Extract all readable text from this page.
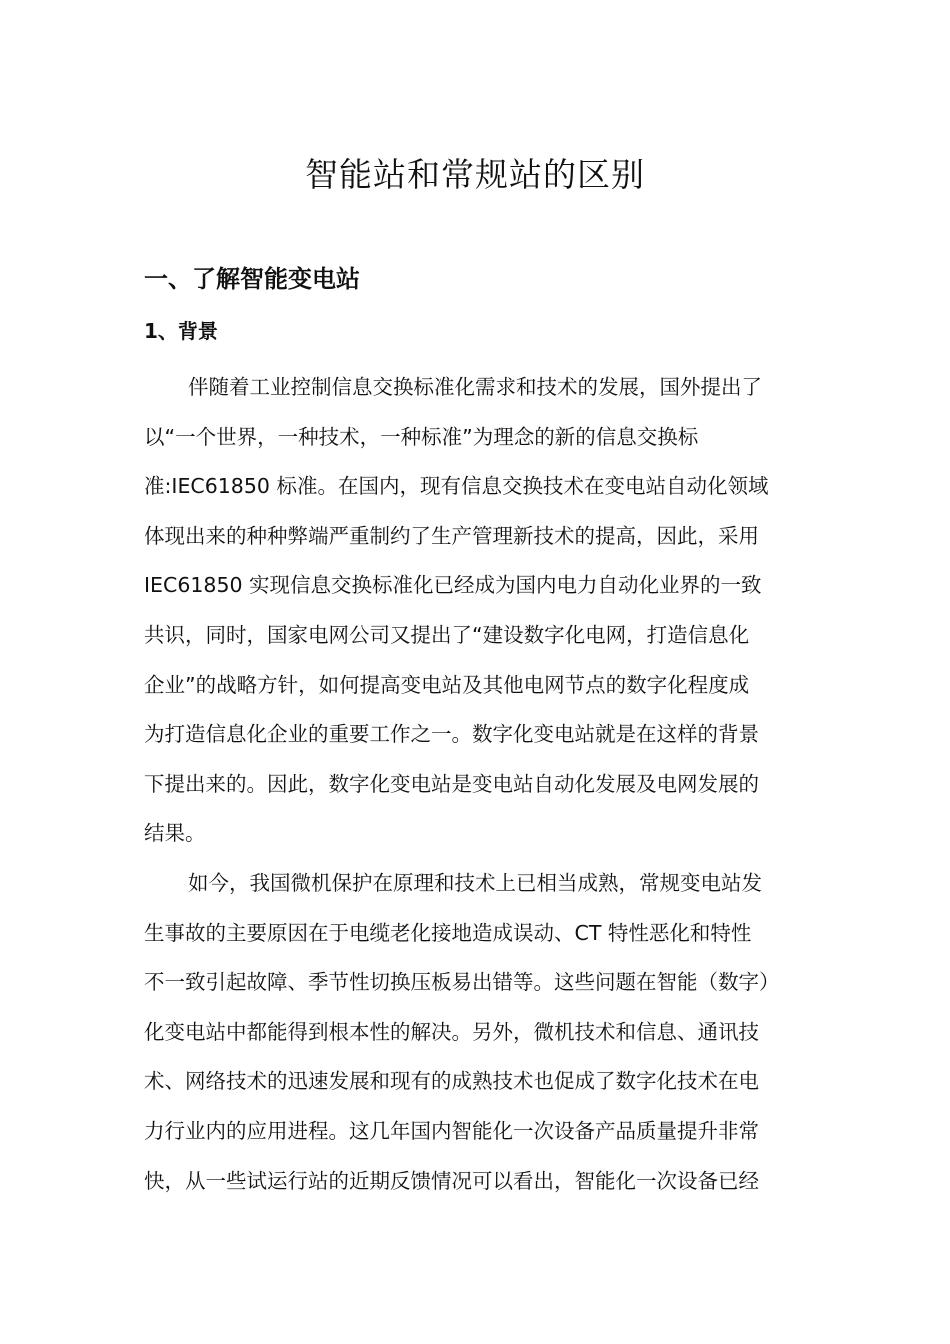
智能站和常规站的区别
一、了解智能变电站
1、背景
伴随着工业控制信息交换标准化需求和技术的发展，国外提出了
以“一个世界，一种技术，一种标准”为理念的新的信息交换标
准:IEC61850 标准。在国内，现有信息交换技术在变电站自动化领域
体现出来的种种弊端严重制约了生产管理新技术的提高，因此，采用
IEC61850 实现信息交换标准化已经成为国内电力自动化业界的一致
共识，同时，国家电网公司又提出了“建设数字化电网，打造信息化
企业”的战略方针，如何提高变电站及其他电网节点的数字化程度成
为打造信息化企业的重要工作之一。数字化变电站就是在这样的背景
下提出来的。因此，数字化变电站是变电站自动化发展及电网发展的
结果。
如今，我国微机保护在原理和技术上已相当成熟，常规变电站发
生事故的主要原因在于电缆老化接地造成误动、CT 特性恶化和特性
不一致引起故障、季节性切换压板易出错等。这些问题在智能（数字）
化变电站中都能得到根本性的解决。另外，微机技术和信息、通讯技
术、网络技术的迅速发展和现有的成熟技术也促成了数字化技术在电
力行业内的应用进程。这几年国内智能化一次设备产品质量提升非常
快，从一些试运行站的近期反馈情况可以看出，智能化一次设备已经
